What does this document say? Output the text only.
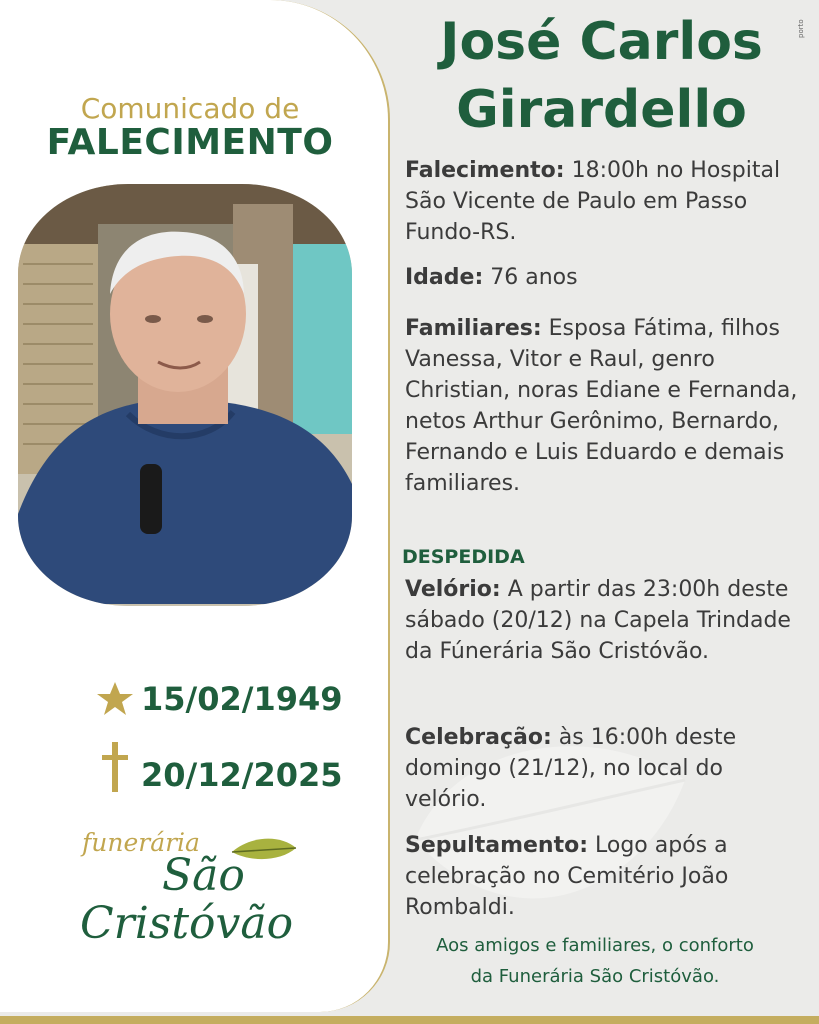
porto
Comunicado de
FALECIMENTO
15/02/1949
20/12/2025
funerária
São
Cristóvão
José Carlos
Girardello
Falecimento: 18:00h no Hospital São Vicente de Paulo em Passo Fundo-RS.
Idade: 76 anos
Familiares: Esposa Fátima, filhos Vanessa, Vitor e Raul, genro Christian, noras Ediane e Fernanda, netos Arthur Gerônimo, Bernardo, Fernando e Luis Eduardo e demais familiares.
DESPEDIDA
Velório: A partir das 23:00h deste sábado (20/12) na Capela Trindade da Fúnerária São Cristóvão.
Celebração: às 16:00h deste domingo (21/12), no local do velório.
Sepultamento: Logo após a celebração no Cemitério João Rombaldi.
Aos amigos e familiares, o conforto
da Funerária São Cristóvão.
